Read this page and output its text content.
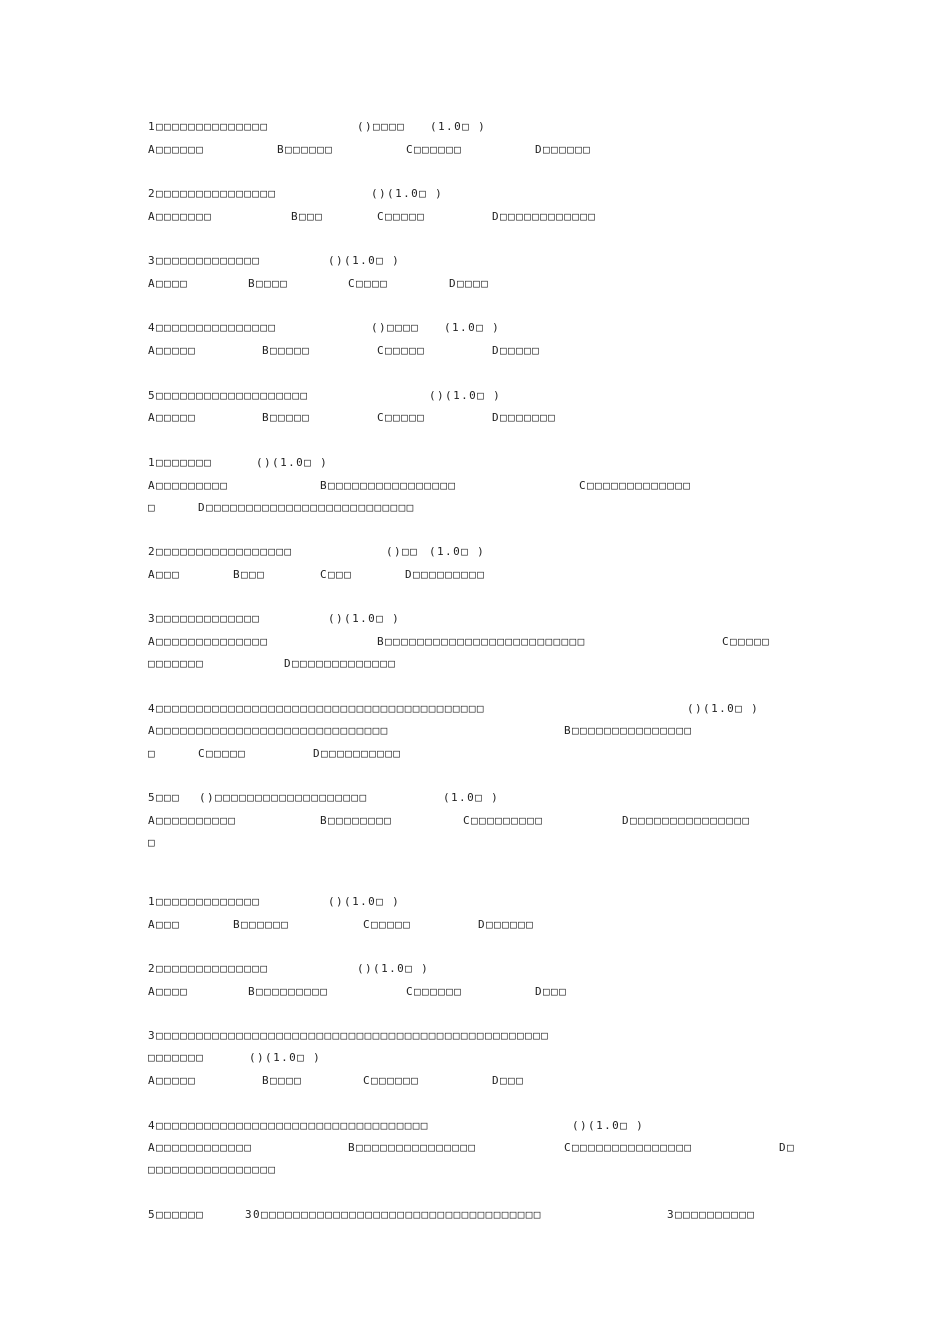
1□□□□□□□□□□□□□□	()□□□□ (1.0□ )
A□□□□□□	B□□□□□□	C□□□□□□	D□□□□□□
2□□□□□□□□□□□□□□□	()(1.0□ )
A□□□□□□□	B□□□	C□□□□□	D□□□□□□□□□□□□
3□□□□□□□□□□□□□	()(1.0□ )
A□□□□	B□□□□	C□□□□	D□□□□
4□□□□□□□□□□□□□□□	()□□□□ (1.0□ )
A□□□□□	B□□□□□	C□□□□□	D□□□□□
5□□□□□□□□□□□□□□□□□□□	()(1.0□ )
A□□□□□	B□□□□□	C□□□□□	D□□□□□□□
1□□□□□□□	()(1.0□ )
A□□□□□□□□□	B□□□□□□□□□□□□□□□□	C□□□□□□□□□□□□□
□	D□□□□□□□□□□□□□□□□□□□□□□□□□□
2□□□□□□□□□□□□□□□□□	()□□ (1.0□ )
A□□□	B□□□	C□□□	D□□□□□□□□□
3□□□□□□□□□□□□□	()(1.0□ )
A□□□□□□□□□□□□□□	B□□□□□□□□□□□□□□□□□□□□□□□□□	C□□□□□
□□□□□□□	D□□□□□□□□□□□□□
4□□□□□□□□□□□□□□□□□□□□□□□□□□□□□□□□□□□□□□□□□	()(1.0□ )
A□□□□□□□□□□□□□□□□□□□□□□□□□□□□□	B□□□□□□□□□□□□□□□
□	C□□□□□	D□□□□□□□□□□
5□□□ ()□□□□□□□□□□□□□□□□□□□	(1.0□ )
A□□□□□□□□□□	B□□□□□□□□	C□□□□□□□□□	D□□□□□□□□□□□□□□□
□
1□□□□□□□□□□□□□	()(1.0□ )
A□□□	B□□□□□□	C□□□□□	D□□□□□□
2□□□□□□□□□□□□□□	()(1.0□ )
A□□□□	B□□□□□□□□□	C□□□□□□	D□□□
3□□□□□□□□□□□□□□□□□□□□□□□□□□□□□□□□□□□□□□□□□□□□□□□□□
□□□□□□□	()(1.0□ )
A□□□□□	B□□□□	C□□□□□□	D□□□
4□□□□□□□□□□□□□□□□□□□□□□□□□□□□□□□□□□	()(1.0□ )
A□□□□□□□□□□□□	B□□□□□□□□□□□□□□□	C□□□□□□□□□□□□□□□	D□
□□□□□□□□□□□□□□□□
5□□□□□□	30□□□□□□□□□□□□□□□□□□□□□□□□□□□□□□□□□□□	3□□□□□□□□□□
